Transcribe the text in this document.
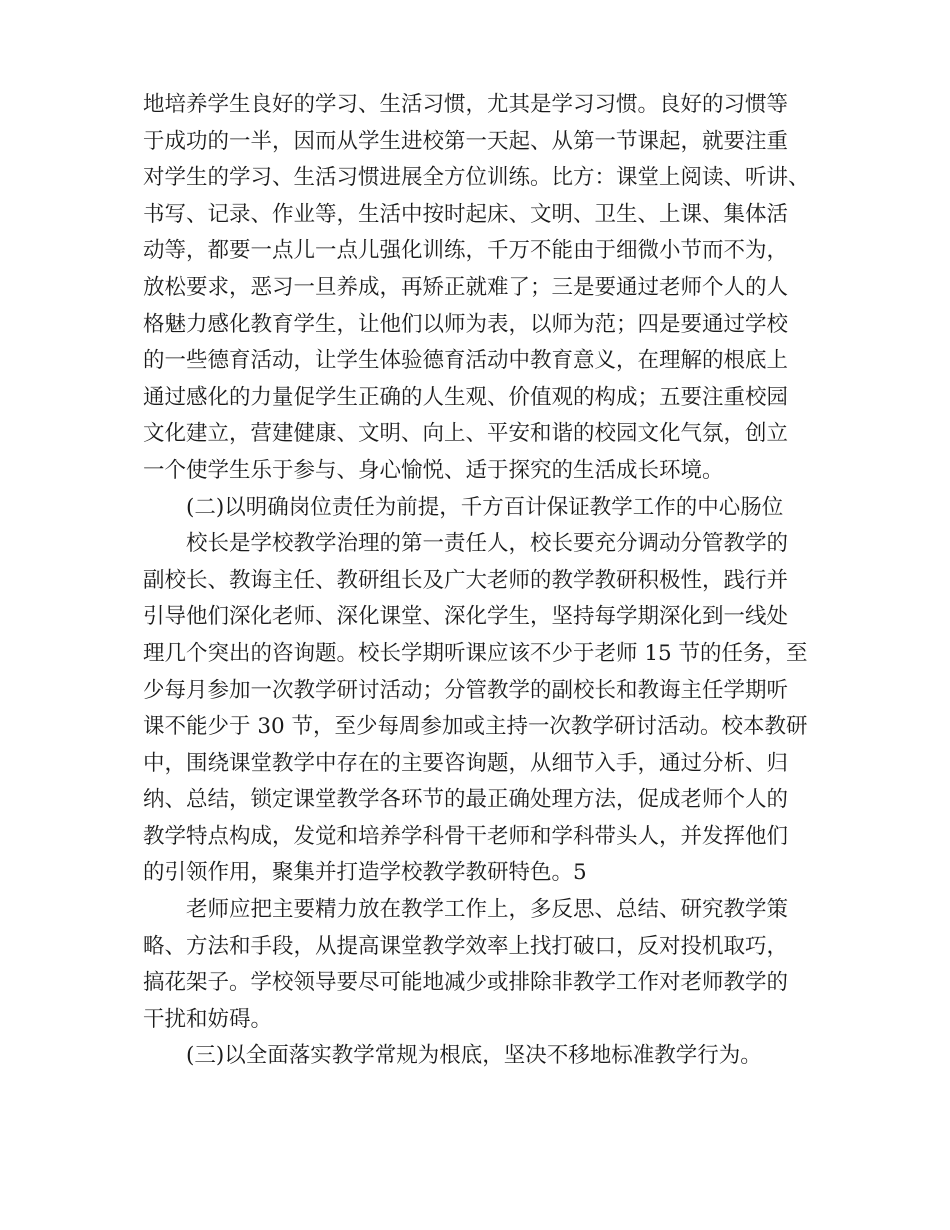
地培养学生良好的学习、生活习惯，尤其是学习习惯。良好的习惯等
于成功的一半，因而从学生进校第一天起、从第一节课起，就要注重
对学生的学习、生活习惯进展全方位训练。比方：课堂上阅读、听讲、
书写、记录、作业等，生活中按时起床、文明、卫生、上课、集体活
动等，都要一点儿一点儿强化训练，千万不能由于细微小节而不为，
放松要求，恶习一旦养成，再矫正就难了；三是要通过老师个人的人
格魅力感化教育学生，让他们以师为表，以师为范；四是要通过学校
的一些德育活动，让学生体验德育活动中教育意义，在理解的根底上
通过感化的力量促学生正确的人生观、价值观的构成；五要注重校园
文化建立，营建健康、文明、向上、平安和谐的校园文化气氛，创立
一个使学生乐于参与、身心愉悦、适于探究的生活成长环境。

(二)以明确岗位责任为前提，千方百计保证教学工作的中心肠位

校长是学校教学治理的第一责任人，校长要充分调动分管教学的
副校长、教诲主任、教研组长及广大老师的教学教研积极性，践行并
引导他们深化老师、深化课堂、深化学生，坚持每学期深化到一线处
理几个突出的咨询题。校长学期听课应该不少于老师 15 节的任务，至
少每月参加一次教学研讨活动；分管教学的副校长和教诲主任学期听
课不能少于 30 节，至少每周参加或主持一次教学研讨活动。校本教研
中，围绕课堂教学中存在的主要咨询题，从细节入手，通过分析、归
纳、总结，锁定课堂教学各环节的最正确处理方法，促成老师个人的
教学特点构成，发觉和培养学科骨干老师和学科带头人，并发挥他们
的引领作用，聚集并打造学校教学教研特色。5

老师应把主要精力放在教学工作上，多反思、总结、研究教学策
略、方法和手段，从提高课堂教学效率上找打破口，反对投机取巧，
搞花架子。学校领导要尽可能地减少或排除非教学工作对老师教学的
干扰和妨碍。

(三)以全面落实教学常规为根底，坚决不移地标准教学行为。
